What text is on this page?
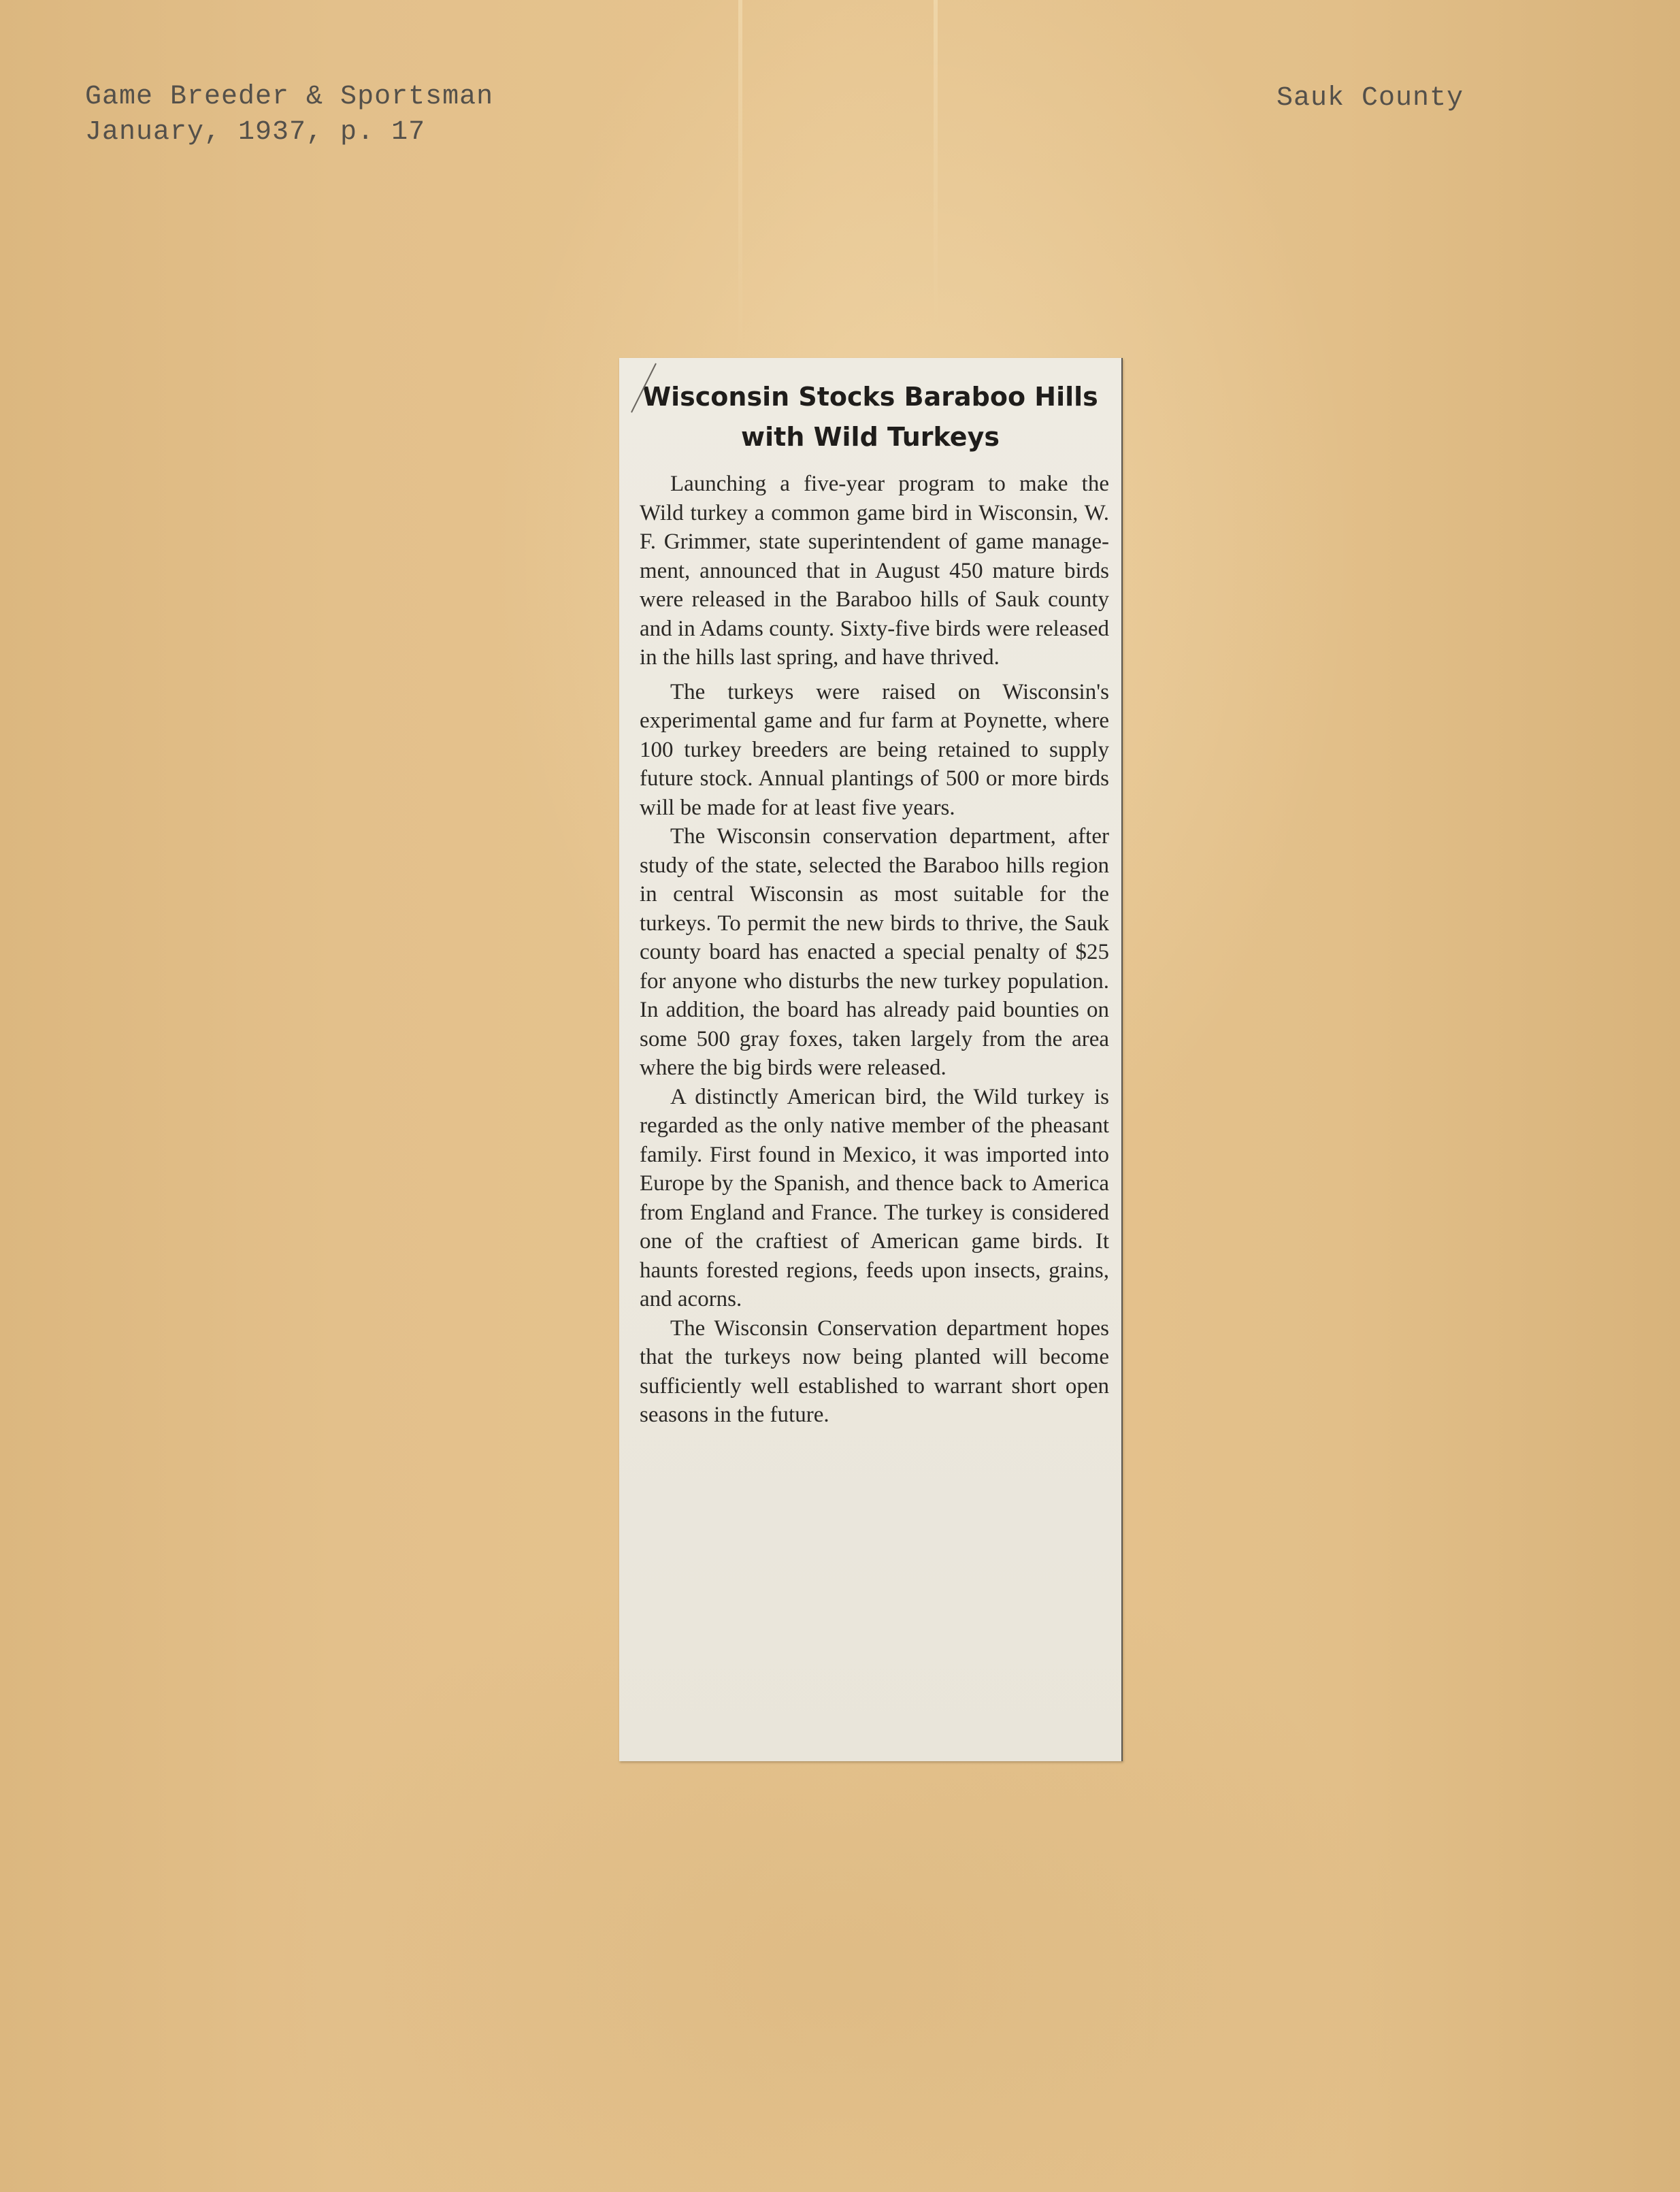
Game Breeder & Sportsman
January, 1937, p. 17
Sauk County
Wisconsin Stocks Baraboo Hills
with Wild Turkeys

Launching a five-year program to make the Wild turkey a common game bird in Wisconsin, W. F. Grimmer, state superintendent of game management, announced that in August 450 mature birds were released in the Baraboo hills of Sauk county and in Adams county. Sixty-five birds were released in the hills last spring, and have thrived.

The turkeys were raised on Wisconsin's experimental game and fur farm at Poynette, where 100 turkey breeders are being retained to supply future stock. Annual plantings of 500 or more birds will be made for at least five years.

The Wisconsin conservation department, after study of the state, selected the Baraboo hills region in central Wisconsin as most suitable for the turkeys. To permit the new birds to thrive, the Sauk county board has enacted a special penalty of $25 for anyone who disturbs the new turkey population. In addition, the board has already paid bounties on some 500 gray foxes, taken largely from the area where the big birds were released.

A distinctly American bird, the Wild turkey is regarded as the only native member of the pheasant family. First found in Mexico, it was imported into Europe by the Spanish, and thence back to America from England and France. The turkey is considered one of the craftiest of American game birds. It haunts forested regions, feeds upon insects, grains, and acorns.

The Wisconsin Conservation department hopes that the turkeys now being planted will become sufficiently well established to warrant short open seasons in the future.
